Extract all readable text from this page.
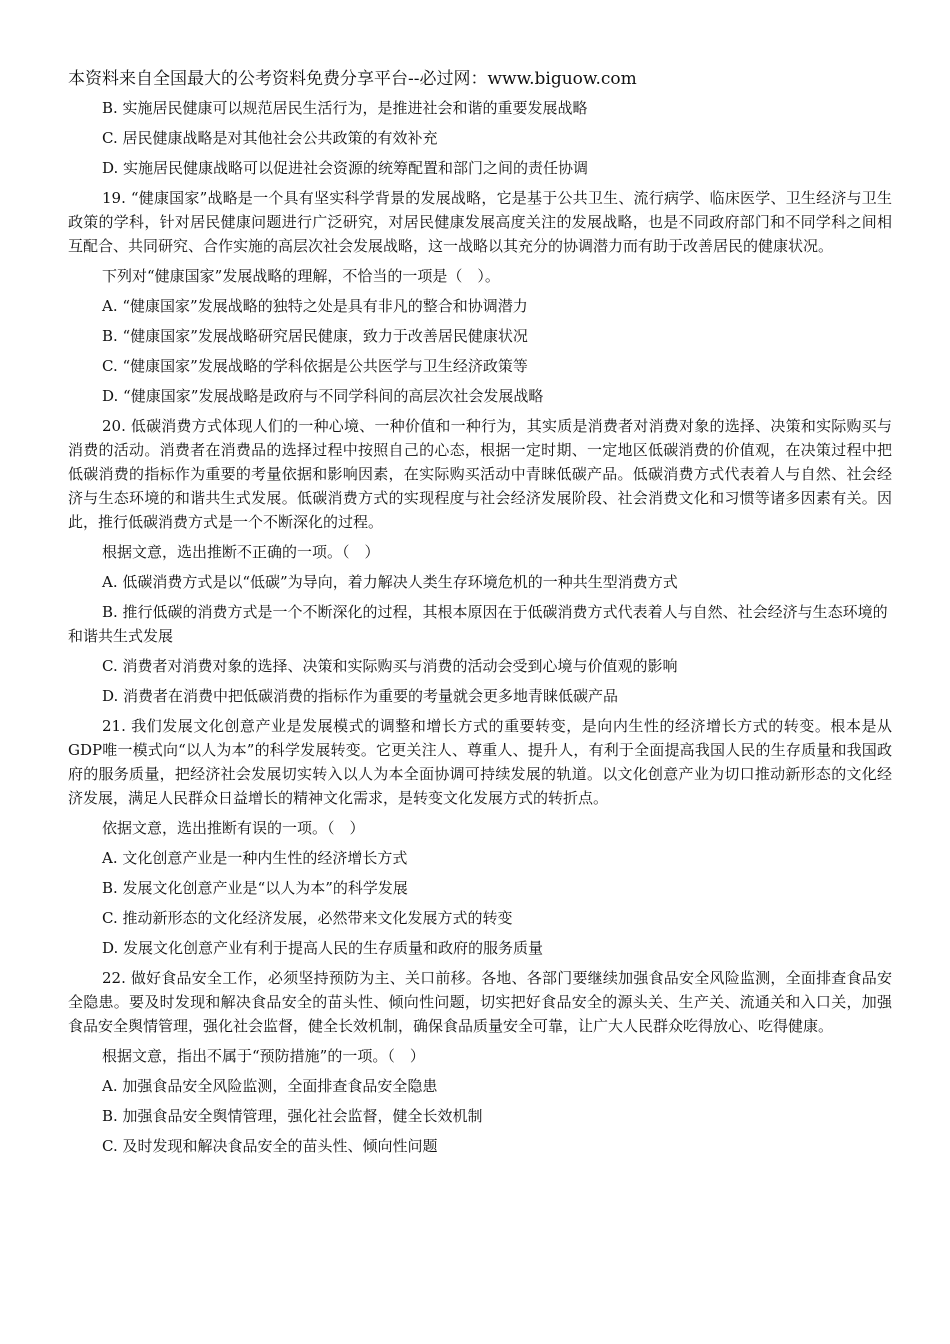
本资料来自全国最大的公考资料免费分享平台--必过网：www.biguow.com
B. 实施居民健康可以规范居民生活行为，是推进社会和谐的重要发展战略
C. 居民健康战略是对其他社会公共政策的有效补充
D. 实施居民健康战略可以促进社会资源的统筹配置和部门之间的责任协调
19. “健康国家”战略是一个具有坚实科学背景的发展战略，它是基于公共卫生、流行病学、临床医学、卫生经济与卫生政策的学科，针对居民健康问题进行广泛研究，对居民健康发展高度关注的发展战略，也是不同政府部门和不同学科之间相互配合、共同研究、合作实施的高层次社会发展战略，这一战略以其充分的协调潜力而有助于改善居民的健康状况。
下列对“健康国家”发展战略的理解，不恰当的一项是（　）。
A. “健康国家”发展战略的独特之处是具有非凡的整合和协调潜力
B. “健康国家”发展战略研究居民健康，致力于改善居民健康状况
C. “健康国家”发展战略的学科依据是公共医学与卫生经济政策等
D. “健康国家”发展战略是政府与不同学科间的高层次社会发展战略
20. 低碳消费方式体现人们的一种心境、一种价值和一种行为，其实质是消费者对消费对象的选择、决策和实际购买与消费的活动。消费者在消费品的选择过程中按照自己的心态，根据一定时期、一定地区低碳消费的价值观，在决策过程中把低碳消费的指标作为重要的考量依据和影响因素，在实际购买活动中青睐低碳产品。低碳消费方式代表着人与自然、社会经济与生态环境的和谐共生式发展。低碳消费方式的实现程度与社会经济发展阶段、社会消费文化和习惯等诸多因素有关。因此，推行低碳消费方式是一个不断深化的过程。
根据文意，选出推断不正确的一项。（　）
A. 低碳消费方式是以“低碳”为导向，着力解决人类生存环境危机的一种共生型消费方式
B. 推行低碳的消费方式是一个不断深化的过程，其根本原因在于低碳消费方式代表着人与自然、社会经济与生态环境的和谐共生式发展
C. 消费者对消费对象的选择、决策和实际购买与消费的活动会受到心境与价值观的影响
D. 消费者在消费中把低碳消费的指标作为重要的考量就会更多地青睐低碳产品
21. 我们发展文化创意产业是发展模式的调整和增长方式的重要转变，是向内生性的经济增长方式的转变。根本是从GDP唯一模式向“以人为本”的科学发展转变。它更关注人、尊重人、提升人，有利于全面提高我国人民的生存质量和我国政府的服务质量，把经济社会发展切实转入以人为本全面协调可持续发展的轨道。以文化创意产业为切口推动新形态的文化经济发展，满足人民群众日益增长的精神文化需求，是转变文化发展方式的转折点。
依据文意，选出推断有误的一项。（　）
A. 文化创意产业是一种内生性的经济增长方式
B. 发展文化创意产业是“以人为本”的科学发展
C. 推动新形态的文化经济发展，必然带来文化发展方式的转变
D. 发展文化创意产业有利于提高人民的生存质量和政府的服务质量
22. 做好食品安全工作，必须坚持预防为主、关口前移。各地、各部门要继续加强食品安全风险监测，全面排查食品安全隐患。要及时发现和解决食品安全的苗头性、倾向性问题，切实把好食品安全的源头关、生产关、流通关和入口关，加强食品安全舆情管理，强化社会监督，健全长效机制，确保食品质量安全可靠，让广大人民群众吃得放心、吃得健康。
根据文意，指出不属于“预防措施”的一项。（　）
A. 加强食品安全风险监测，全面排查食品安全隐患
B. 加强食品安全舆情管理，强化社会监督，健全长效机制
C. 及时发现和解决食品安全的苗头性、倾向性问题
